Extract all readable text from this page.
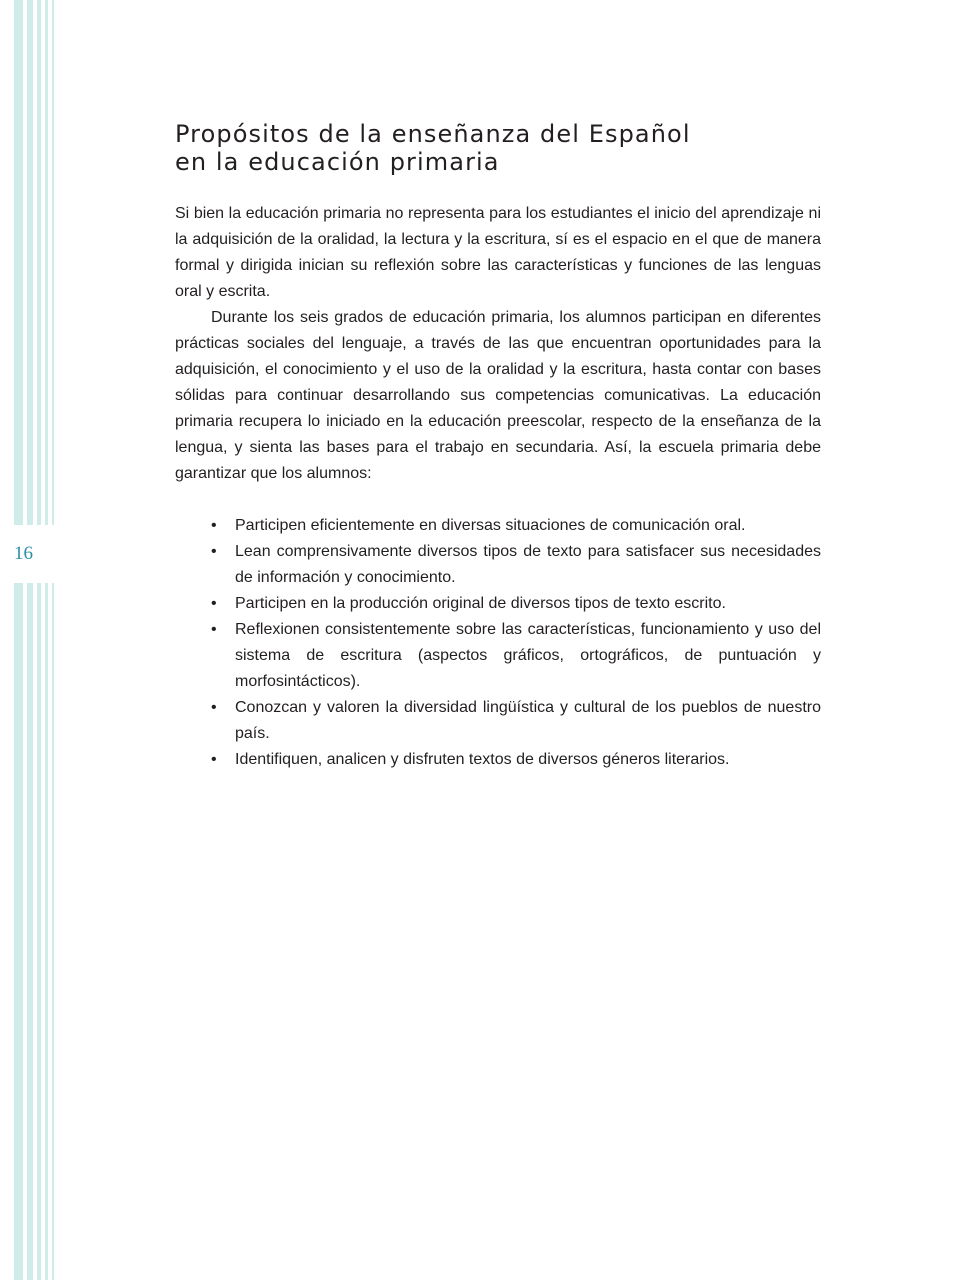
16
Propósitos de la enseñanza del Español
en la educación primaria

Si bien la educación primaria no representa para los estudiantes el inicio del aprendizaje ni la adquisición de la oralidad, la lectura y la escritura, sí es el espacio en el que de manera formal y dirigida inician su reflexión sobre las características y funciones de las lenguas oral y escrita.

Durante los seis grados de educación primaria, los alumnos participan en diferentes prácticas sociales del lenguaje, a través de las que encuentran oportunidades para la adquisición, el conocimiento y el uso de la oralidad y la escritura, hasta contar con bases sólidas para continuar desarrollando sus competencias comunicativas. La educación primaria recupera lo iniciado en la educación preescolar, respecto de la enseñanza de la lengua, y sienta las bases para el trabajo en secundaria. Así, la escuela primaria debe garantizar que los alumnos:

•	Participen eficientemente en diversas situaciones de comunicación oral.
•	Lean comprensivamente diversos tipos de texto para satisfacer sus necesidades de información y conocimiento.
•	Participen en la producción original de diversos tipos de texto escrito.
•	Reflexionen consistentemente sobre las características, funcionamiento y uso del sistema de escritura (aspectos gráficos, ortográficos, de puntuación y morfosintácticos).
•	Conozcan y valoren la diversidad lingüística y cultural de los pueblos de nuestro país.
•	Identifiquen, analicen y disfruten textos de diversos géneros literarios.
